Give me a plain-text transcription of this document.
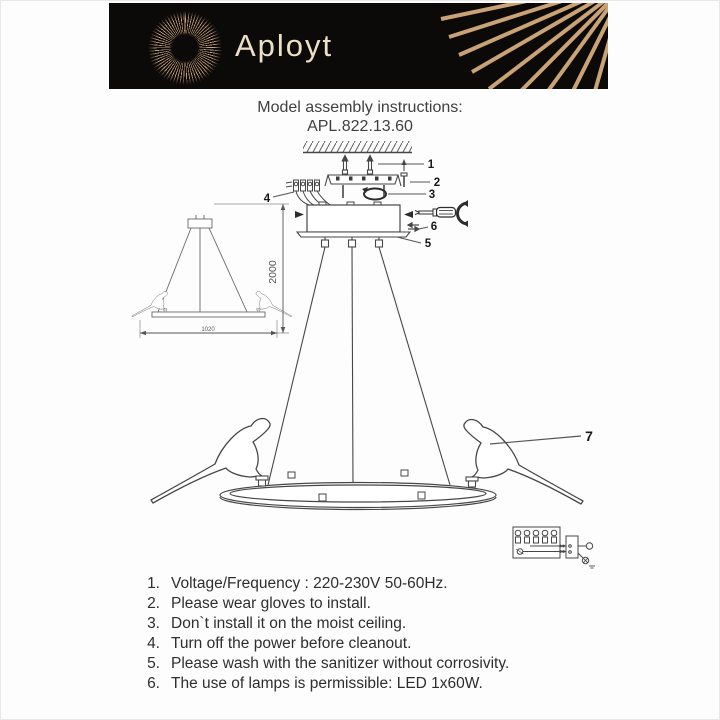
Aployt
Model assembly instructions:
APL.822.13.60
1
2
3
4
6
5
7
2000
1020
1. Voltage/Frequency : 220-230V 50-60Hz.
2. Please wear gloves to install.
3. Don`t install it on the moist ceiling.
4. Turn off the power before cleanout.
5. Please wash with the sanitizer without corrosivity.
6. The use of lamps is permissible: LED 1x60W.
